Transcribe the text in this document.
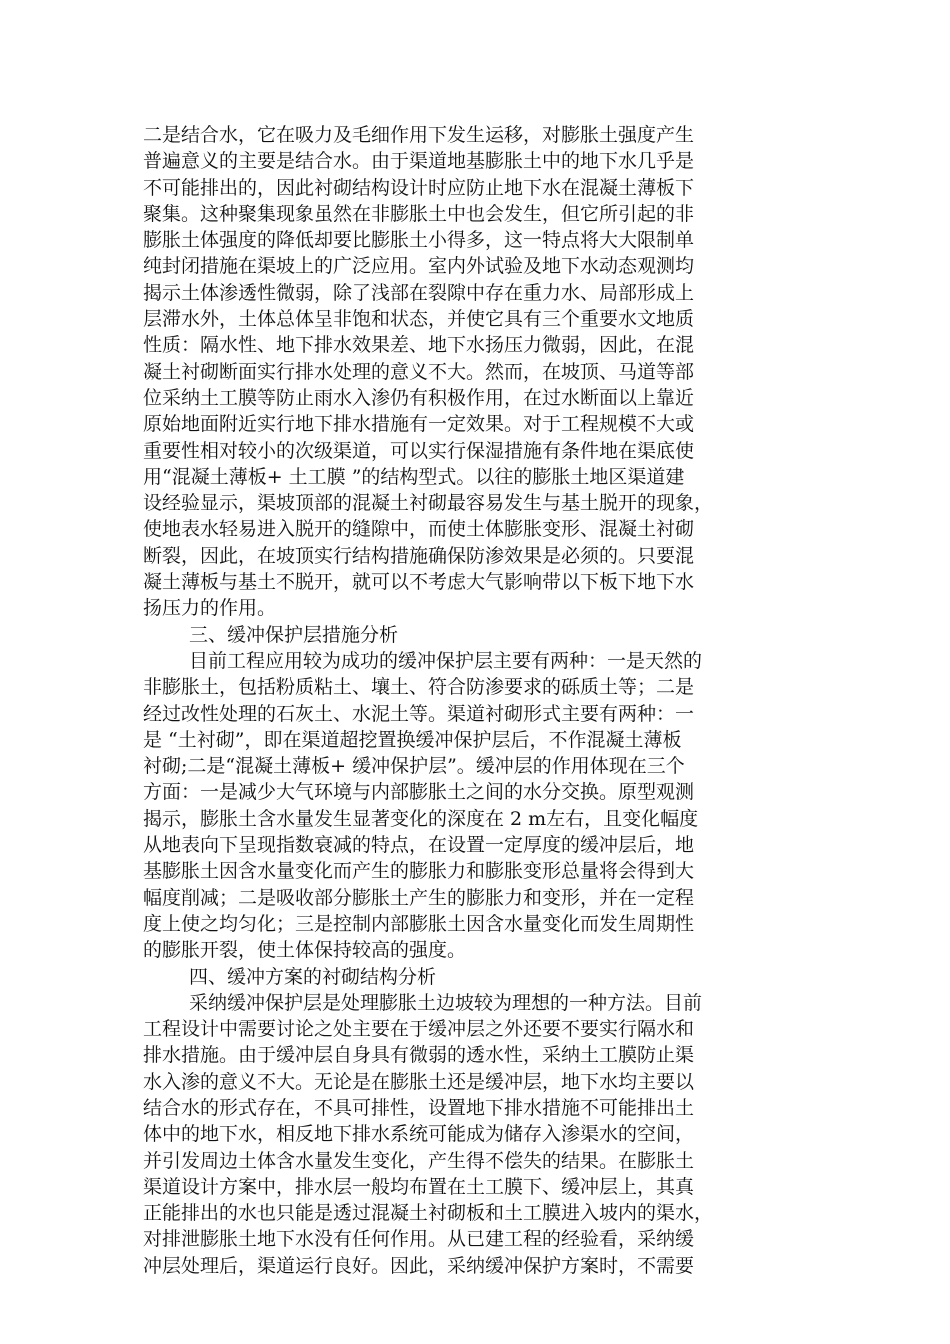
二是结合水，它在吸力及毛细作用下发生运移，对膨胀土强度产生
普遍意义的主要是结合水。由于渠道地基膨胀土中的地下水几乎是
不可能排出的，因此衬砌结构设计时应防止地下水在混凝土薄板下
聚集。这种聚集现象虽然在非膨胀土中也会发生，但它所引起的非
膨胀土体强度的降低却要比膨胀土小得多，这一特点将大大限制单
纯封闭措施在渠坡上的广泛应用。室内外试验及地下水动态观测均
揭示土体渗透性微弱，除了浅部在裂隙中存在重力水、局部形成上
层滞水外，土体总体呈非饱和状态，并使它具有三个重要水文地质
性质：隔水性、地下排水效果差、地下水扬压力微弱，因此，在混
凝土衬砌断面实行排水处理的意义不大。然而，在坡顶、马道等部
位采纳土工膜等防止雨水入渗仍有积极作用，在过水断面以上靠近
原始地面附近实行地下排水措施有一定效果。对于工程规模不大或
重要性相对较小的次级渠道，可以实行保湿措施有条件地在渠底使
用“混凝土薄板+ 土工膜 ”的结构型式。以往的膨胀土地区渠道建
设经验显示，渠坡顶部的混凝土衬砌最容易发生与基土脱开的现象，
使地表水轻易进入脱开的缝隙中，而使土体膨胀变形、混凝土衬砌
断裂，因此，在坡顶实行结构措施确保防渗效果是必须的。只要混
凝土薄板与基土不脱开，就可以不考虑大气影响带以下板下地下水
扬压力的作用。
三、缓冲保护层措施分析
目前工程应用较为成功的缓冲保护层主要有两种：一是天然的
非膨胀土，包括粉质粘土、壤土、符合防渗要求的砾质土等；二是
经过改性处理的石灰土、水泥土等。渠道衬砌形式主要有两种：一
是 “土衬砌”，即在渠道超挖置换缓冲保护层后，不作混凝土薄板
衬砌;二是“混凝土薄板+ 缓冲保护层”。缓冲层的作用体现在三个
方面：一是减少大气环境与内部膨胀土之间的水分交换。原型观测
揭示，膨胀土含水量发生显著变化的深度在 2 m左右，且变化幅度
从地表向下呈现指数衰减的特点，在设置一定厚度的缓冲层后，地
基膨胀土因含水量变化而产生的膨胀力和膨胀变形总量将会得到大
幅度削减；二是吸收部分膨胀土产生的膨胀力和变形，并在一定程
度上使之均匀化；三是控制内部膨胀土因含水量变化而发生周期性
的膨胀开裂，使土体保持较高的强度。
四、缓冲方案的衬砌结构分析
采纳缓冲保护层是处理膨胀土边坡较为理想的一种方法。目前
工程设计中需要讨论之处主要在于缓冲层之外还要不要实行隔水和
排水措施。由于缓冲层自身具有微弱的透水性，采纳土工膜防止渠
水入渗的意义不大。无论是在膨胀土还是缓冲层，地下水均主要以
结合水的形式存在，不具可排性，设置地下排水措施不可能排出土
体中的地下水，相反地下排水系统可能成为储存入渗渠水的空间，
并引发周边土体含水量发生变化，产生得不偿失的结果。在膨胀土
渠道设计方案中，排水层一般均布置在土工膜下、缓冲层上，其真
正能排出的水也只能是透过混凝土衬砌板和土工膜进入坡内的渠水，
对排泄膨胀土地下水没有任何作用。从已建工程的经验看，采纳缓
冲层处理后，渠道运行良好。因此，采纳缓冲保护方案时，不需要
